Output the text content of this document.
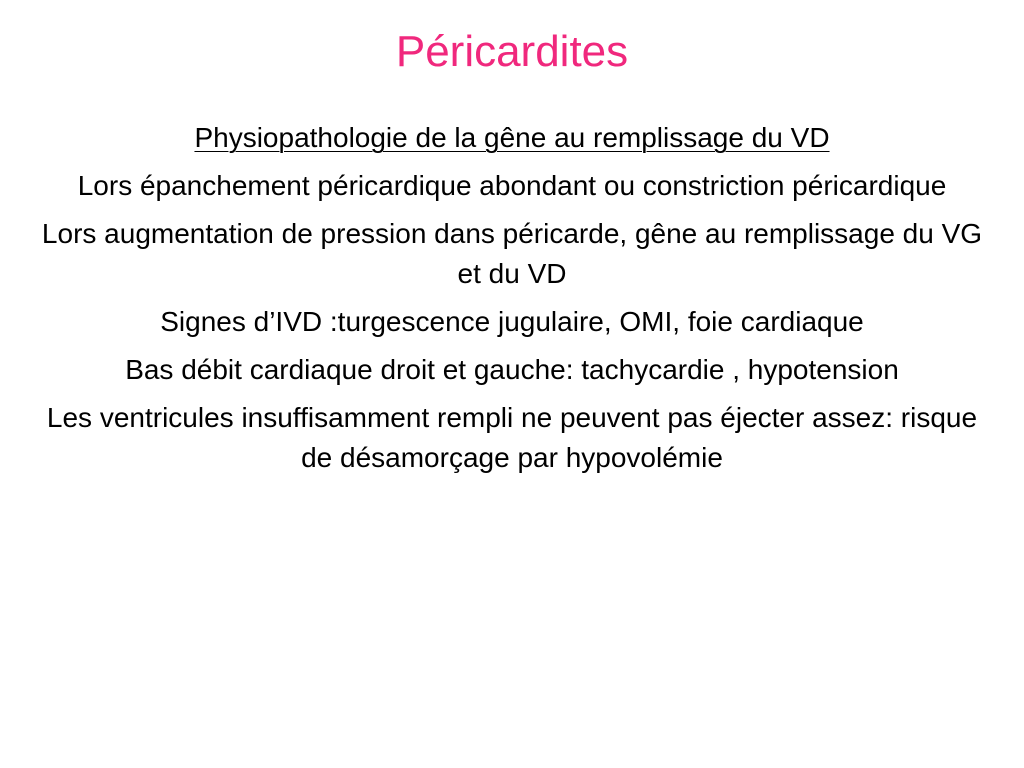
Péricardites

Physiopathologie de la gêne au remplissage du VD

Lors épanchement péricardique abondant ou constriction péricardique

Lors augmentation de pression dans péricarde, gêne au remplissage du VG et du VD

Signes d’IVD :turgescence jugulaire, OMI, foie cardiaque

Bas débit cardiaque droit et gauche: tachycardie , hypotension

Les ventricules insuffisamment rempli ne peuvent pas éjecter assez: risque de désamorçage par hypovolémie
